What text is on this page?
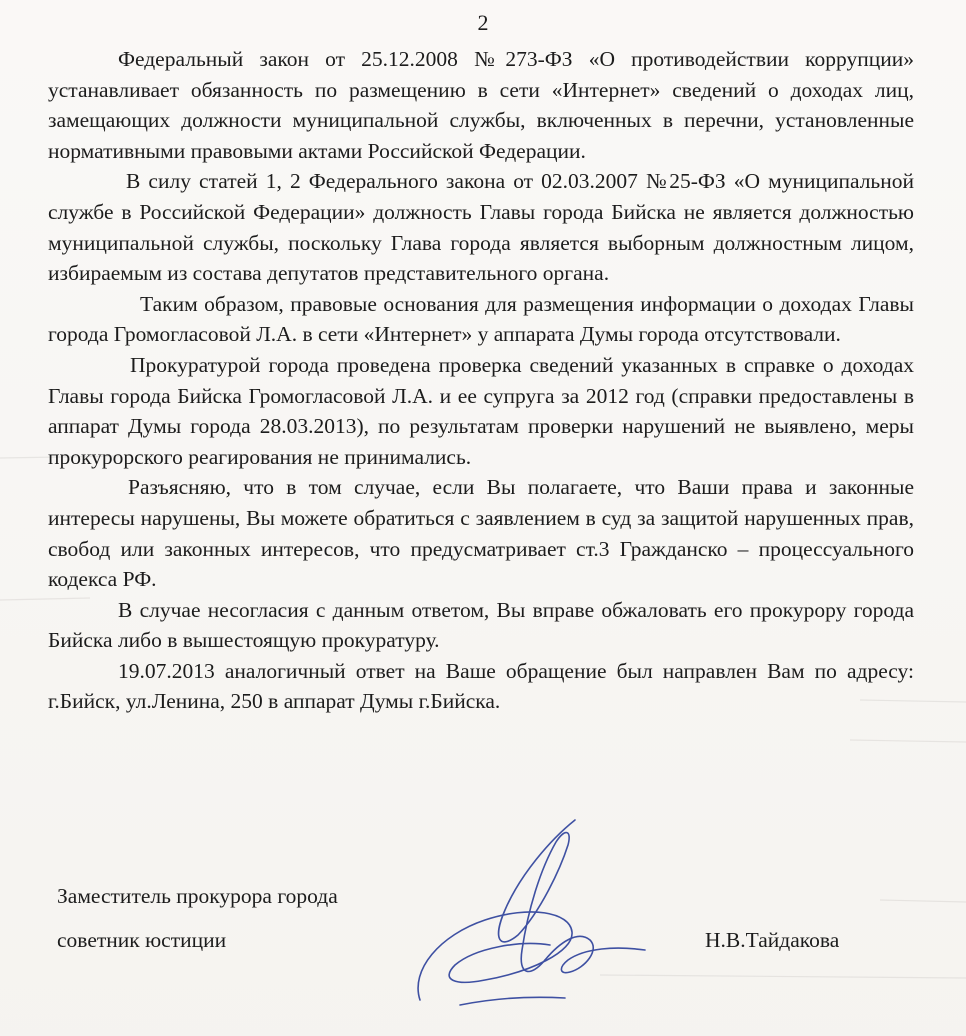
2

Федеральный закон от 25.12.2008 №273-ФЗ «О противодействии коррупции» устанавливает обязанность по размещению в сети «Интернет» сведений о доходах лиц, замещающих должности муниципальной службы, включенных в перечни, установленные нормативными правовыми актами Российской Федерации.

В силу статей 1, 2 Федерального закона от 02.03.2007 №25-ФЗ «О муниципальной службе в Российской Федерации» должность Главы города Бийска не является должностью муниципальной службы, поскольку Глава города является выборным должностным лицом, избираемым из состава депутатов представительного органа.

Таким образом, правовые основания для размещения информации о доходах Главы города Громогласовой Л.А. в сети «Интернет» у аппарата Думы города отсутствовали.

Прокуратурой города проведена проверка сведений указанных в справке о доходах Главы города Бийска Громогласовой Л.А. и ее супруга за 2012 год (справки предоставлены в аппарат Думы города 28.03.2013), по результатам проверки нарушений не выявлено, меры прокурорского реагирования не принимались.

Разъясняю, что в том случае, если Вы полагаете, что Ваши права и законные интересы нарушены, Вы можете обратиться с заявлением в суд за защитой нарушенных прав, свобод или законных интересов, что предусматривает ст.3 Гражданско – процессуального кодекса РФ.

В случае несогласия с данным ответом, Вы вправе обжаловать его прокурору города Бийска либо в вышестоящую прокуратуру.

19.07.2013 аналогичный ответ на Ваше обращение был направлен Вам по адресу: г.Бийск, ул.Ленина, 250 в аппарат Думы г.Бийска.

Заместитель прокурора города
советник юстиции	Н.В.Тайдакова
